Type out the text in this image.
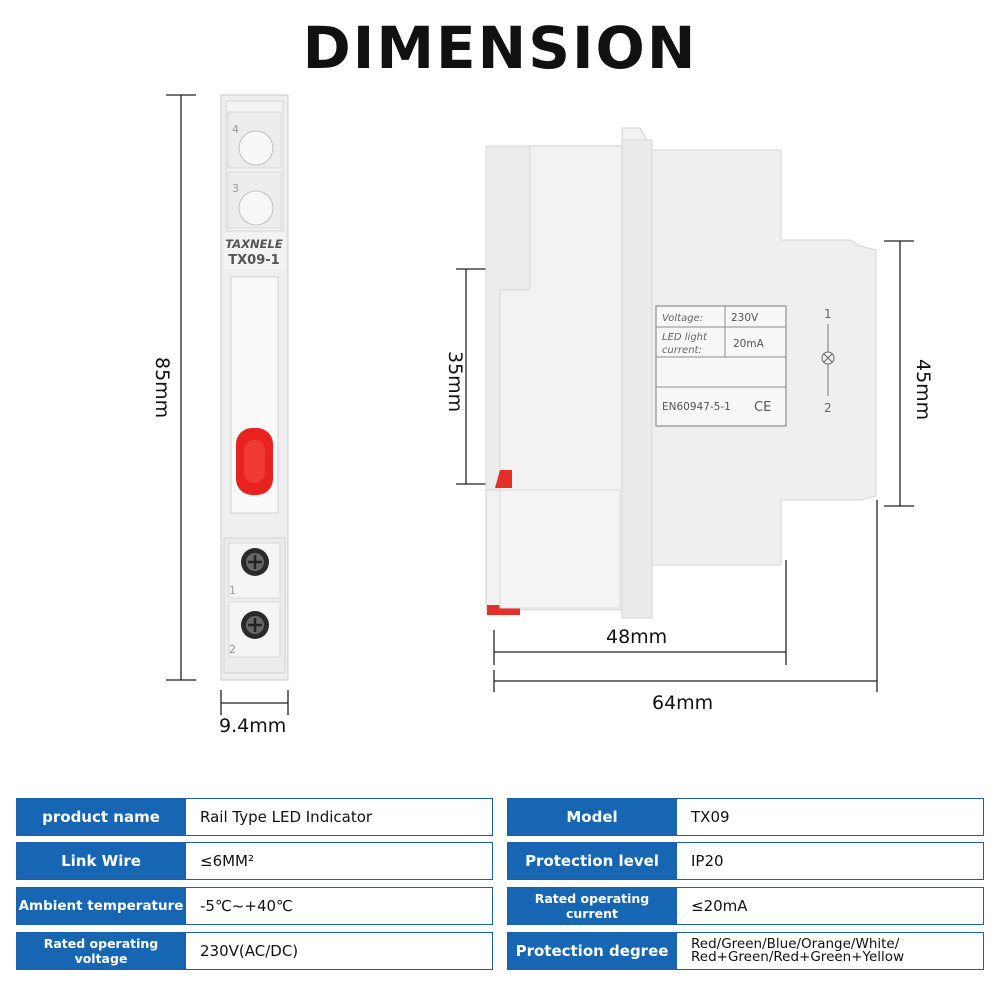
DIMENSION
4
3
TAXNELE
TX09-1
1
2
Voltage:	230V
LED light
current:
20mA
EN60947-5-1 CE
1
2
85mm
9.4mm
35mm	45mm
48mm
64mm
product name	Rail Type LED Indicator
Link Wire	≤6MM²
Ambient temperature	-5℃~+40℃
Rated operating voltage	230V(AC/DC)
Model	TX09
Protection level	IP20
Rated operating current	≤20mA
Protection degree	Red/Green/Blue/Orange/White/
Red+Green/Red+Green+Yellow
